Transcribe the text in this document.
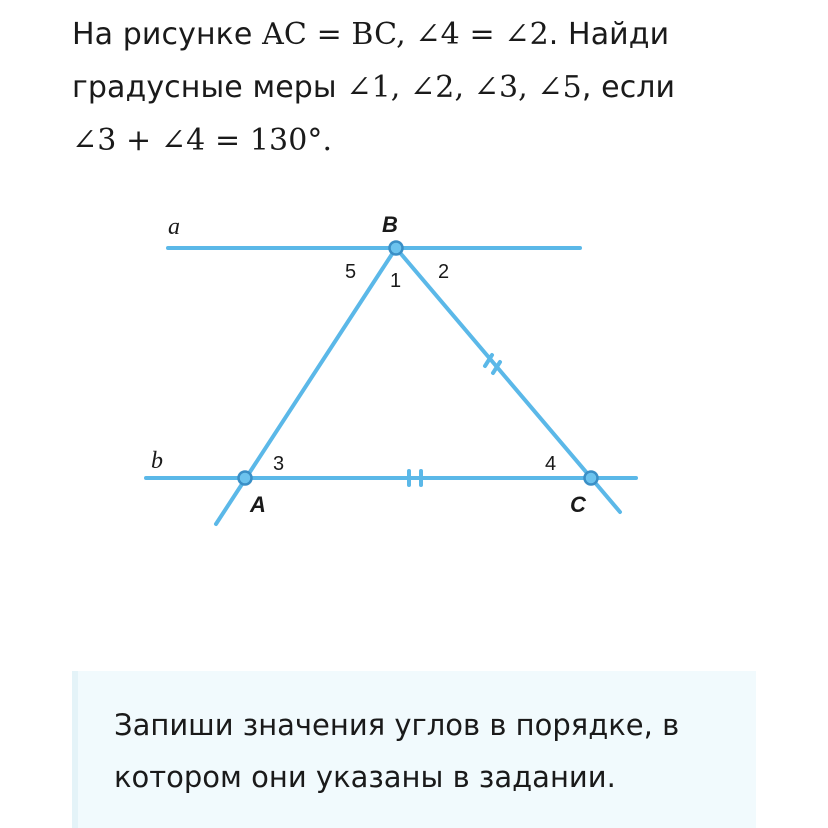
На рисунке AC = BC, ∠4 = ∠2. Найди
градусные меры ∠1, ∠2, ∠3, ∠5, если
∠3 + ∠4 = 130°.
a
b
B
A	C
5 1 2
3	4
Запиши значения углов в порядке, в котором они указаны в задании.
